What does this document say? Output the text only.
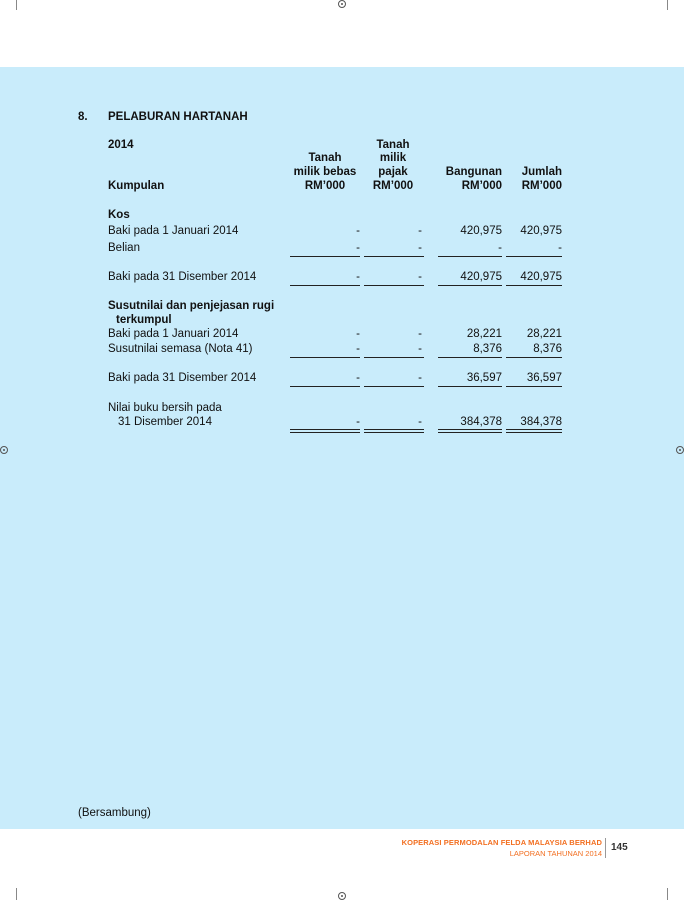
8. PELABURAN HARTANAH
2014
Kumpulan
Tanah
milik bebas
RM’000
Tanah
milik
pajak
RM’000
Bangunan
RM’000
Jumlah
RM’000
Kos
Baki pada 1 Januari 2014	-	-	420,975	420,975
Belian	-	-	-	-
Baki pada 31 Disember 2014	-	-	420,975	420,975
Susutnilai dan penjejasan rugi
terkumpul
Baki pada 1 Januari 2014	-	-	28,221	28,221
Susutnilai semasa (Nota 41)	-	-	8,376	8,376
Baki pada 31 Disember 2014	-	-	36,597	36,597
Nilai buku bersih pada
31 Disember 2014	-	-	384,378	384,378
(Bersambung)
KOPERASI PERMODALAN FELDA MALAYSIA BERHAD
LAPORAN TAHUNAN 2014
145
